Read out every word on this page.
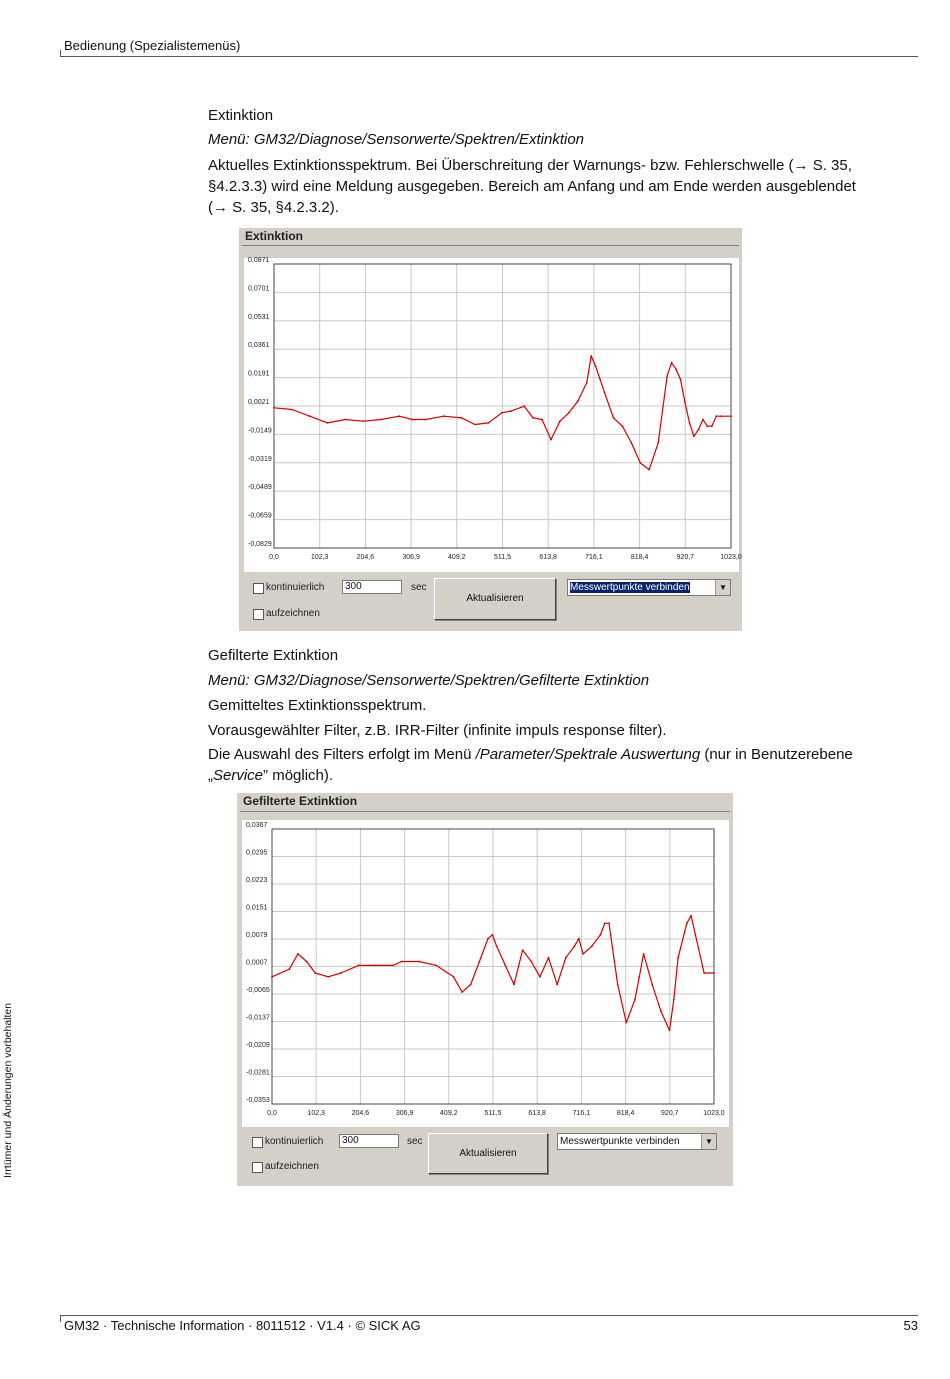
Bedienung (Spezialistemenüs)
Irrtümer und Änderungen vorbehalten
Extinktion
Menü: GM32/Diagnose/Sensorwerte/Spektren/Extinktion
Aktuelles Extinktionsspektrum. Bei Überschreitung der Warnungs- bzw. Fehlerschwelle (→ S. 35, §4.2.3.3) wird eine Meldung ausgegeben. Bereich am Anfang und am Ende werden ausgeblendet (→ S. 35, §4.2.3.2).
Extinktion
0,0	102,3	204,6	306,9	409,2	511,5	613,8	716,1	818,4	920,7	1023,0
0,0871
0,0701
0,0531
0,0361
0,0191
0,0021
-0,0149
-0,0319
-0,0489
-0,0659
-0,0829
kontinuierlich	300	sec
Aktualisieren
Messwertpunkte verbinden	▼
aufzeichnen
Gefilterte Extinktion
Menü: GM32/Diagnose/Sensorwerte/Spektren/Gefilterte Extinktion
Gemitteltes Extinktionsspektrum.
Vorausgewählter Filter, z.B. IRR-Filter (infinite impuls response filter).
Die Auswahl des Filters erfolgt im Menü /Parameter/Spektrale Auswertung (nur in Benutzerebene „Service” möglich).
Gefilterte Extinktion
0,0	102,3	204,6	306,9	409,2	511,5	613,8	716,1	818,4	920,7	1023,0
0,0367
0,0295
0,0223
0,0151
0,0079
0,0007
-0,0065
-0,0137
-0,0209
-0,0281
-0,0353
kontinuierlich	300	sec
Aktualisieren
Messwertpunkte verbinden	▼
aufzeichnen
GM32 · Technische Information · 8011512 · V1.4 · © SICK AG	53
